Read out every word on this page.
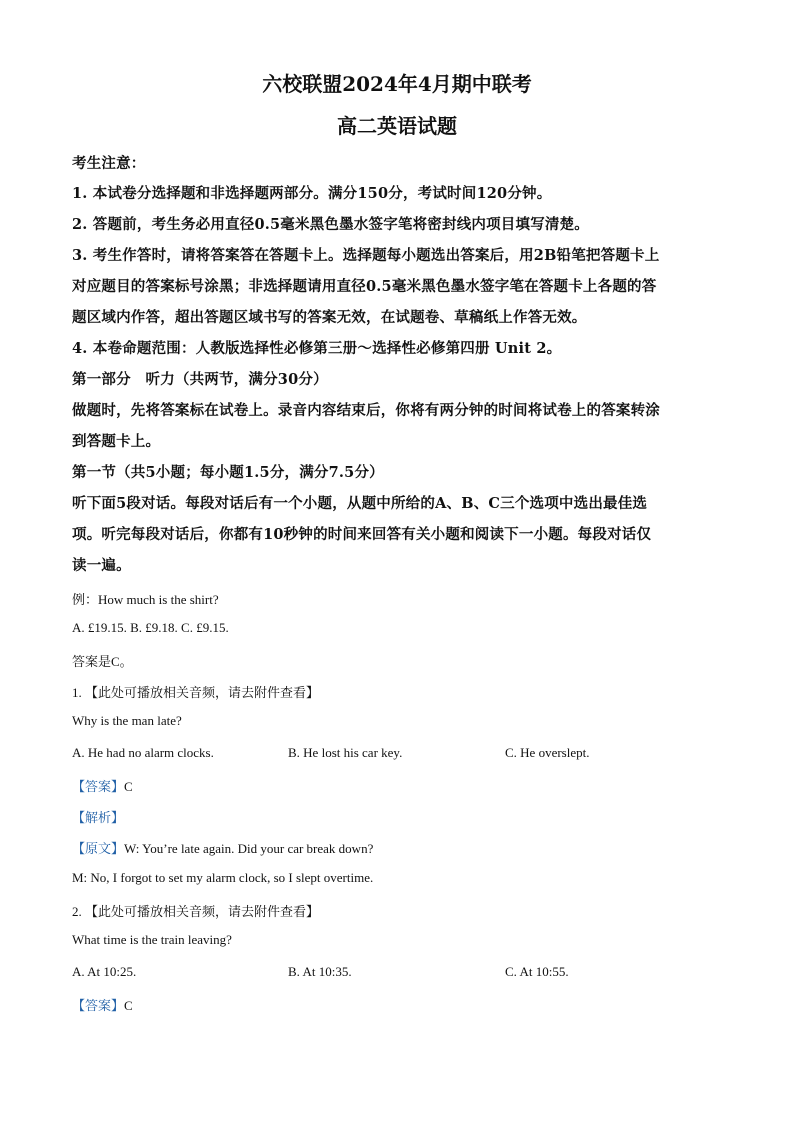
六校联盟2024年4月期中联考
高二英语试题
考生注意：
1. 本试卷分选择题和非选择题两部分。满分150分，考试时间120分钟。
2. 答题前，考生务必用直径0.5毫米黑色墨水签字笔将密封线内项目填写清楚。
3. 考生作答时，请将答案答在答题卡上。选择题每小题选出答案后，用2B铅笔把答题卡上
对应题目的答案标号涂黑；非选择题请用直径0.5毫米黑色墨水签字笔在答题卡上各题的答
题区域内作答，超出答题区域书写的答案无效，在试题卷、草稿纸上作答无效。
4. 本卷命题范围：人教版选择性必修第三册～选择性必修第四册 Unit 2。
第一部分　听力（共两节，满分30分）
做题时，先将答案标在试卷上。录音内容结束后，你将有两分钟的时间将试卷上的答案转涂
到答题卡上。
第一节（共5小题；每小题1.5分，满分7.5分）
听下面5段对话。每段对话后有一个小题，从题中所给的A、B、C三个选项中选出最佳选
项。听完每段对话后，你都有10秒钟的时间来回答有关小题和阅读下一小题。每段对话仅
读一遍。
例：How much is the shirt?
A. £19.15. B. £9.18. C. £9.15.
答案是C。
1. 【此处可播放相关音频，请去附件查看】
Why is the man late?
A. He had no alarm clocks.	B. He lost his car key.	C. He overslept.
【答案】C
【解析】
【原文】W: You’re late again. Did your car break down?
M: No, I forgot to set my alarm clock, so I slept overtime.
2. 【此处可播放相关音频，请去附件查看】
What time is the train leaving?
A. At 10:25.	B. At 10:35.	C. At 10:55.
【答案】C
